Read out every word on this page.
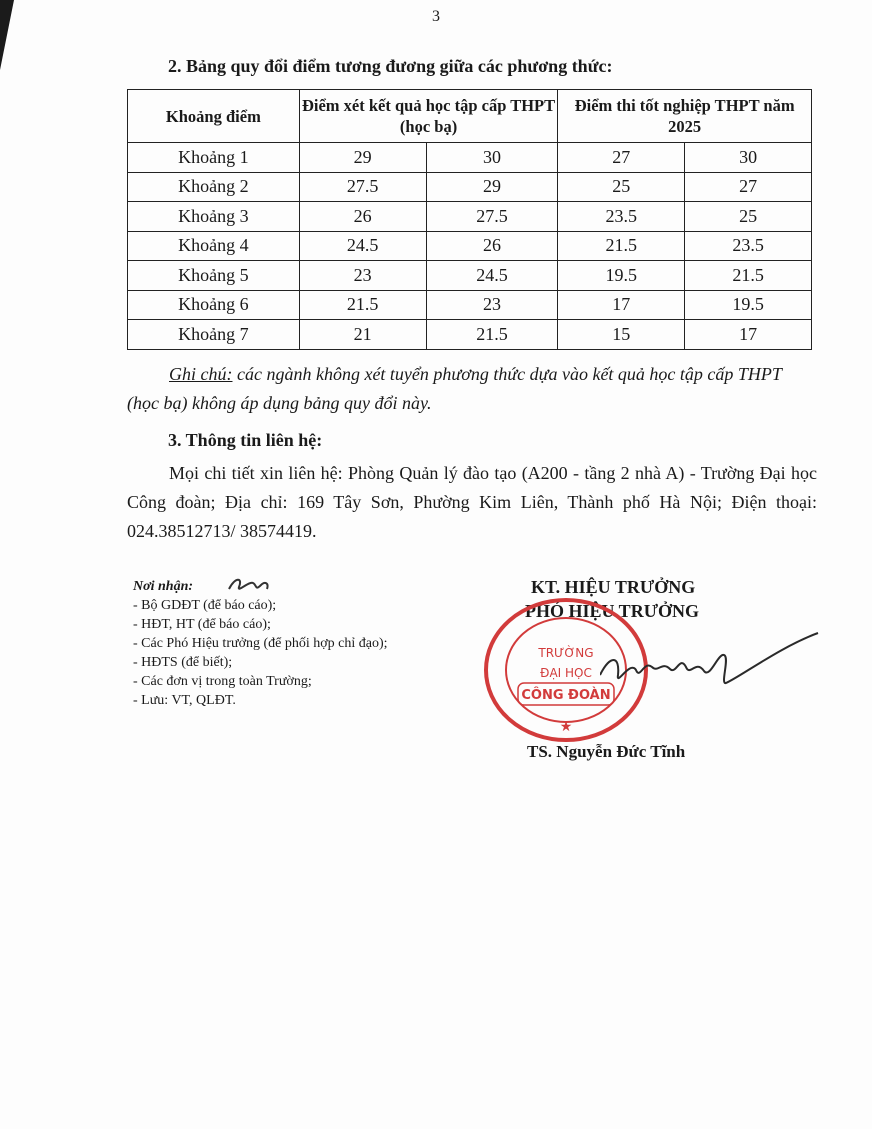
3
2. Bảng quy đổi điểm tương đương giữa các phương thức:
Khoảng điểm	Điểm xét kết quả học tập cấp THPT (học bạ)		Điểm thi tốt nghiệp THPT năm 2025	
Khoảng 1	29	30	27	30
Khoảng 2	27.5	29	25	27
Khoảng 3	26	27.5	23.5	25
Khoảng 4	24.5	26	21.5	23.5
Khoảng 5	23	24.5	19.5	21.5
Khoảng 6	21.5	23	17	19.5
Khoảng 7	21	21.5	15	17
Ghi chú: các ngành không xét tuyển phương thức dựa vào kết quả học tập cấp THPT (học bạ) không áp dụng bảng quy đổi này.
3. Thông tin liên hệ:
Mọi chi tiết xin liên hệ: Phòng Quản lý đào tạo (A200 - tầng 2 nhà A) - Trường Đại học Công đoàn; Địa chỉ: 169 Tây Sơn, Phường Kim Liên, Thành phố Hà Nội; Điện thoại: 024.38512713/ 38574419.
Nơi nhận:
- Bộ GDĐT (để báo cáo);
- HĐT, HT (để báo cáo);
- Các Phó Hiệu trưởng (để phối hợp chỉ đạo);
- HĐTS (để biết);
- Các đơn vị trong toàn Trường;
- Lưu: VT, QLĐT.
KT. HIỆU TRƯỞNG
PHÓ HIỆU TRƯỞNG
TRƯỜNG
ĐẠI HỌC
CÔNG ĐOÀN
★
TS. Nguyễn Đức Tĩnh
